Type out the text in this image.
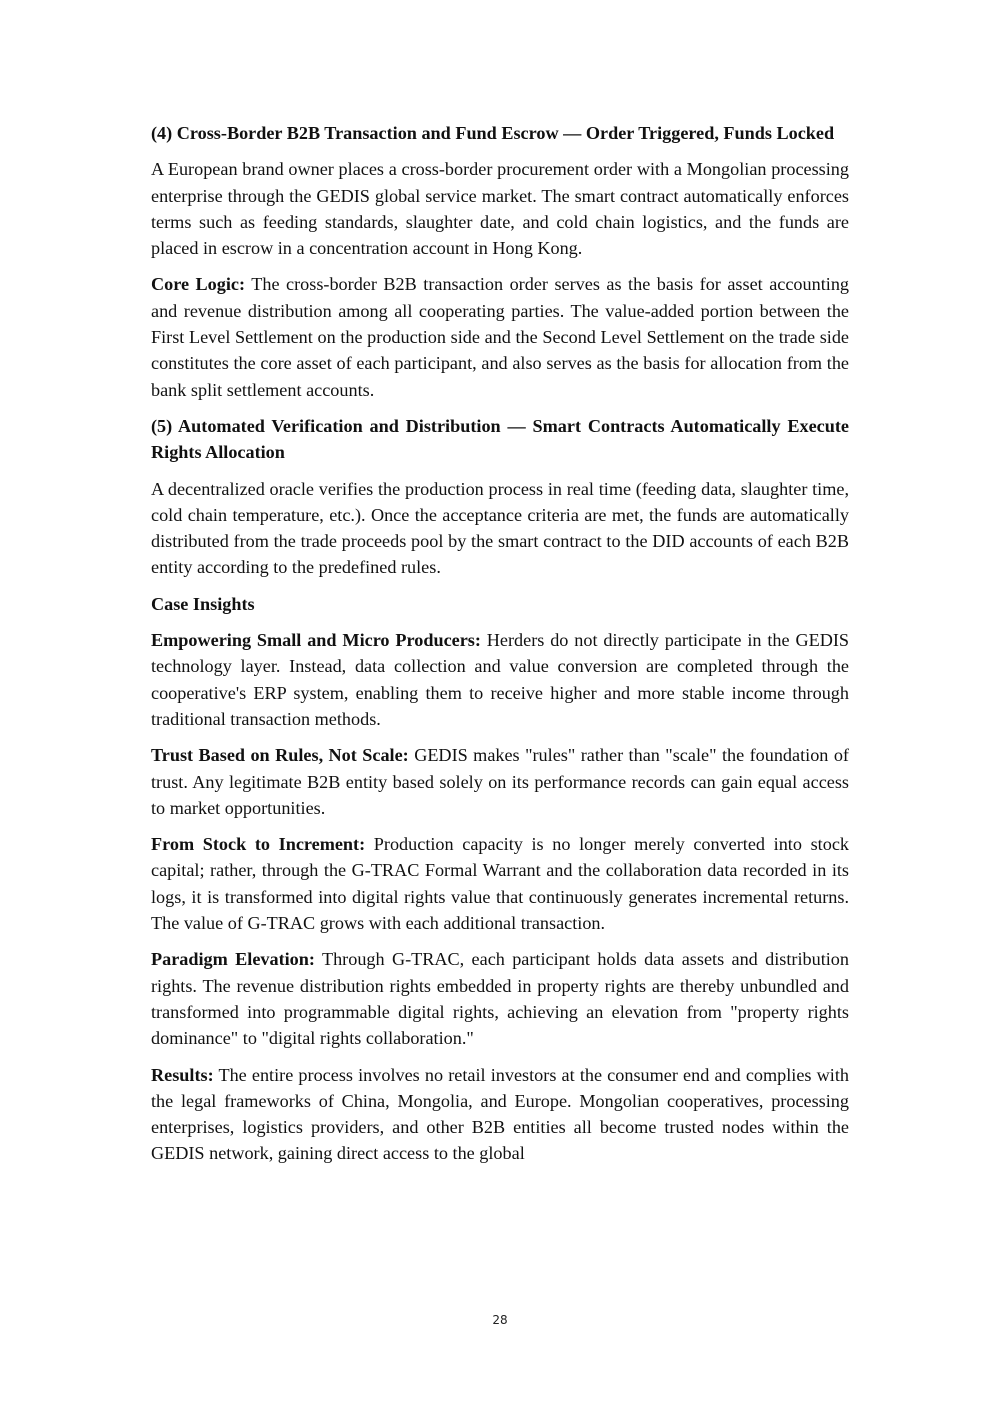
(4) Cross-Border B2B Transaction and Fund Escrow — Order Triggered, Funds Locked

A European brand owner places a cross-border procurement order with a Mongolian processing enterprise through the GEDIS global service market. The smart contract automatically enforces terms such as feeding standards, slaughter date, and cold chain logistics, and the funds are placed in escrow in a concentration account in Hong Kong.

Core Logic: The cross-border B2B transaction order serves as the basis for asset accounting and revenue distribution among all cooperating parties. The value-added portion between the First Level Settlement on the production side and the Second Level Settlement on the trade side constitutes the core asset of each participant, and also serves as the basis for allocation from the bank split settlement accounts.

(5) Automated Verification and Distribution — Smart Contracts Automatically Execute Rights Allocation

A decentralized oracle verifies the production process in real time (feeding data, slaughter time, cold chain temperature, etc.). Once the acceptance criteria are met, the funds are automatically distributed from the trade proceeds pool by the smart contract to the DID accounts of each B2B entity according to the predefined rules.

Case Insights

Empowering Small and Micro Producers: Herders do not directly participate in the GEDIS technology layer. Instead, data collection and value conversion are completed through the cooperative's ERP system, enabling them to receive higher and more stable income through traditional transaction methods.

Trust Based on Rules, Not Scale: GEDIS makes "rules" rather than "scale" the foundation of trust. Any legitimate B2B entity based solely on its performance records can gain equal access to market opportunities.

From Stock to Increment: Production capacity is no longer merely converted into stock capital; rather, through the G-TRAC Formal Warrant and the collaboration data recorded in its logs, it is transformed into digital rights value that continuously generates incremental returns. The value of G-TRAC grows with each additional transaction.

Paradigm Elevation: Through G-TRAC, each participant holds data assets and distribution rights. The revenue distribution rights embedded in property rights are thereby unbundled and transformed into programmable digital rights, achieving an elevation from "property rights dominance" to "digital rights collaboration."

Results: The entire process involves no retail investors at the consumer end and complies with the legal frameworks of China, Mongolia, and Europe. Mongolian cooperatives, processing enterprises, logistics providers, and other B2B entities all become trusted nodes within the GEDIS network, gaining direct access to the global

28
